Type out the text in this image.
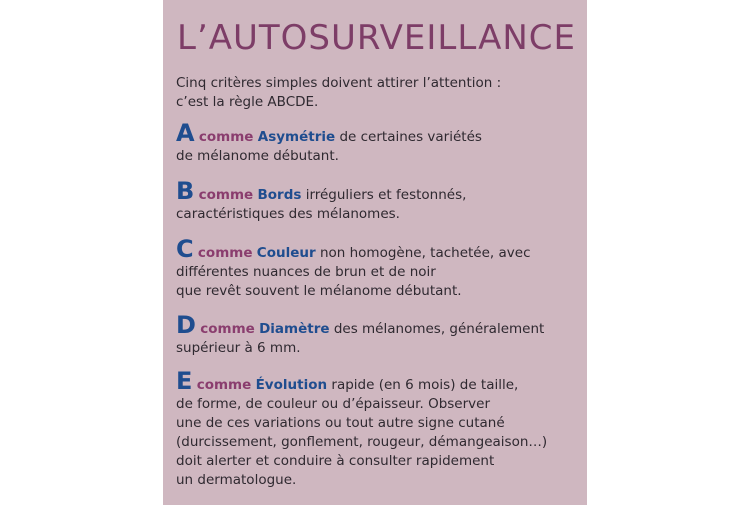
L’AUTOSURVEILLANCE

Cinq critères simples doivent attirer l’attention :
c’est la règle ABCDE.

A comme Asymétrie de certaines variétés
de mélanome débutant.

B comme Bords irréguliers et festonnés,
caractéristiques des mélanomes.

C comme Couleur non homogène, tachetée, avec
différentes nuances de brun et de noir
que revêt souvent le mélanome débutant.

D comme Diamètre des mélanomes, généralement
supérieur à 6 mm.

E comme Évolution rapide (en 6 mois) de taille,
de forme, de couleur ou d’épaisseur. Observer
une de ces variations ou tout autre signe cutané
(durcissement, gonflement, rougeur, démangeaison…)
doit alerter et conduire à consulter rapidement
un dermatologue.
